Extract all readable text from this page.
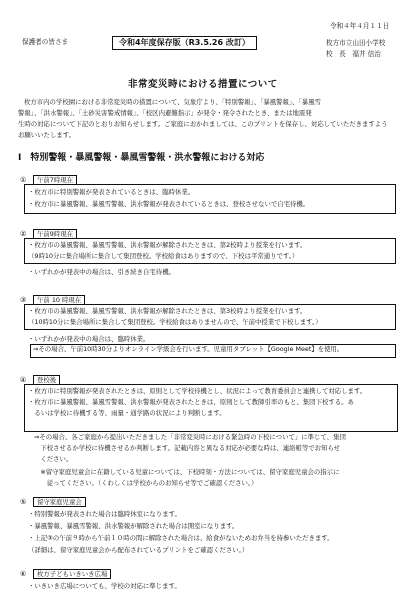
保護者の皆さま	令和4年度保存版（R3.5.26 改訂）
令和４年４月１１日
枚方市立山田小学校
校　長　福井 信治
非常変災時における措置について
枚方市内の学校園における非常変災時の措置について、気象庁より、「特別警報」、「暴風警報」、「暴風雪
警報」、「洪水警報」、「土砂災害警戒情報」、「校区内避難指示」が発令・発令されたとき、または地震発
生時の対応について下記のとおりお知らせします。ご家庭におかれましては、このプリントを保存し、対応していただきますよう
お願いいたします。
Ⅰ　特別警報・暴風警報・暴風雪警報・洪水警報における対応
①	午前7時現在
・枚方市に特別警報が発表されているときは、臨時休業。
・枚方市に暴風警報、暴風雪警報、洪水警報が発表されているときは、登校させないで自宅待機。
②	午前9時現在
・枚方市の暴風警報、暴風雪警報、洪水警報が解除されたときは、第2校時より授業を行います。
（9時10分に集合場所に集合して集団登校。学校給食はありますので、下校は平常通りです。）
・いずれかが発表中の場合は、引き続き自宅待機。
③	午前 10 時現在
・枚方市の暴風警報、暴風雪警報、洪水警報が解除されたときは、第3校時より授業を行います。
（10時10分に集合場所に集合して集団登校。学校給食はありませんので、午前中授業で下校します。）
・いずれかが発表中の場合は、臨時休業。
⇒その場合、午前10時30分よりオンライン学級会を行います。児童用タブレット【Google Meet】を使用。
④	登校後
・枚方市に特別警報が発表されたときは、原則として学校待機とし、状況によって教育委員会と連携して対応します。
・枚方市に暴風警報、暴風雪警報、洪水警報が発表されたときは、原則として教師引率のもと、集団下校する。あ
　るいは学校に待機する等、雨量・通学路の状況により判断します。
⇒その場合、各ご家庭から提出いただきました「非常変災時における緊急時の下校について」に準じて、集団
　下校させるか学校に待機させるか判断します。記載内容と異なる対応が必要な時は、連絡帳等でお知らせ
　ください。
　※留守家庭児童会に在籍している児童については、下校時刻・方法については、留守家庭児童会の指示に
　　従ってください。（くわしくは学校からのお知らせ等でご確認ください。）
⑤	留守家庭児童会
・特別警報が発表された場合は臨時休室になります。
・暴風警報、暴風雪警報、洪水警報が解除された場合は開室になります。
・上記③の午前９時から午前１０時の間に解除された場合は、給食がないためお弁当を持参いただきます。
（詳細は、留守家庭児童会から配布されているプリントをご確認ください。）
⑥	枚方子どもいきいき広場
・いきいき広場についても、学校の対応に準じます。
